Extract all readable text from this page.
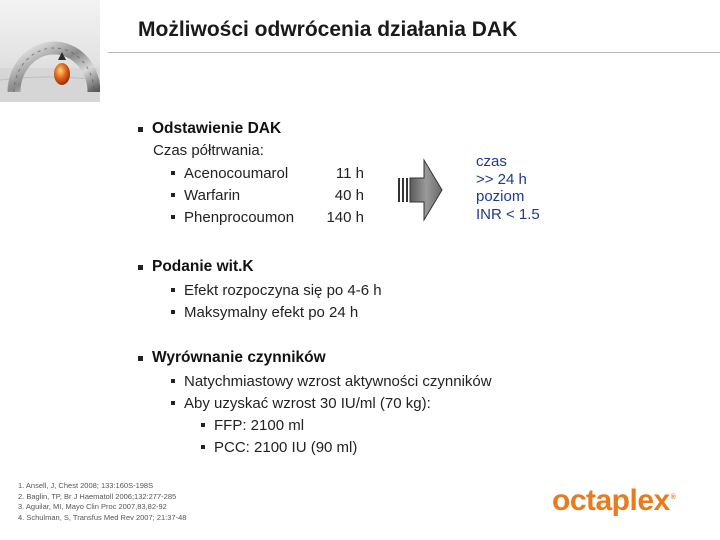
Możliwości odwrócenia działania DAK
Odstawienie DAK
Czas półtrwania:
Acenocoumarol	11 h
Warfarin	40 h
Phenprocoumon	140 h
czas
>> 24 h
poziom
INR < 1.5
Podanie wit.K
Efekt rozpoczyna się po 4-6 h
Maksymalny efekt po 24 h
Wyrównanie czynników
Natychmiastowy wzrost aktywności czynników
Aby uzyskać wzrost 30 IU/ml (70 kg):
FFP: 2100 ml
PCC: 2100 IU (90 ml)
1. Ansell, J, Chest 2008; 133:160S-198S
2. Baglin, TP, Br J Haematoll 2006;132:277-285
3. Aguilar, MI, Mayo Clin Proc 2007,83,82-92
4. Schulman, S, Transfus Med Rev 2007; 21:37-48	octaplex®
